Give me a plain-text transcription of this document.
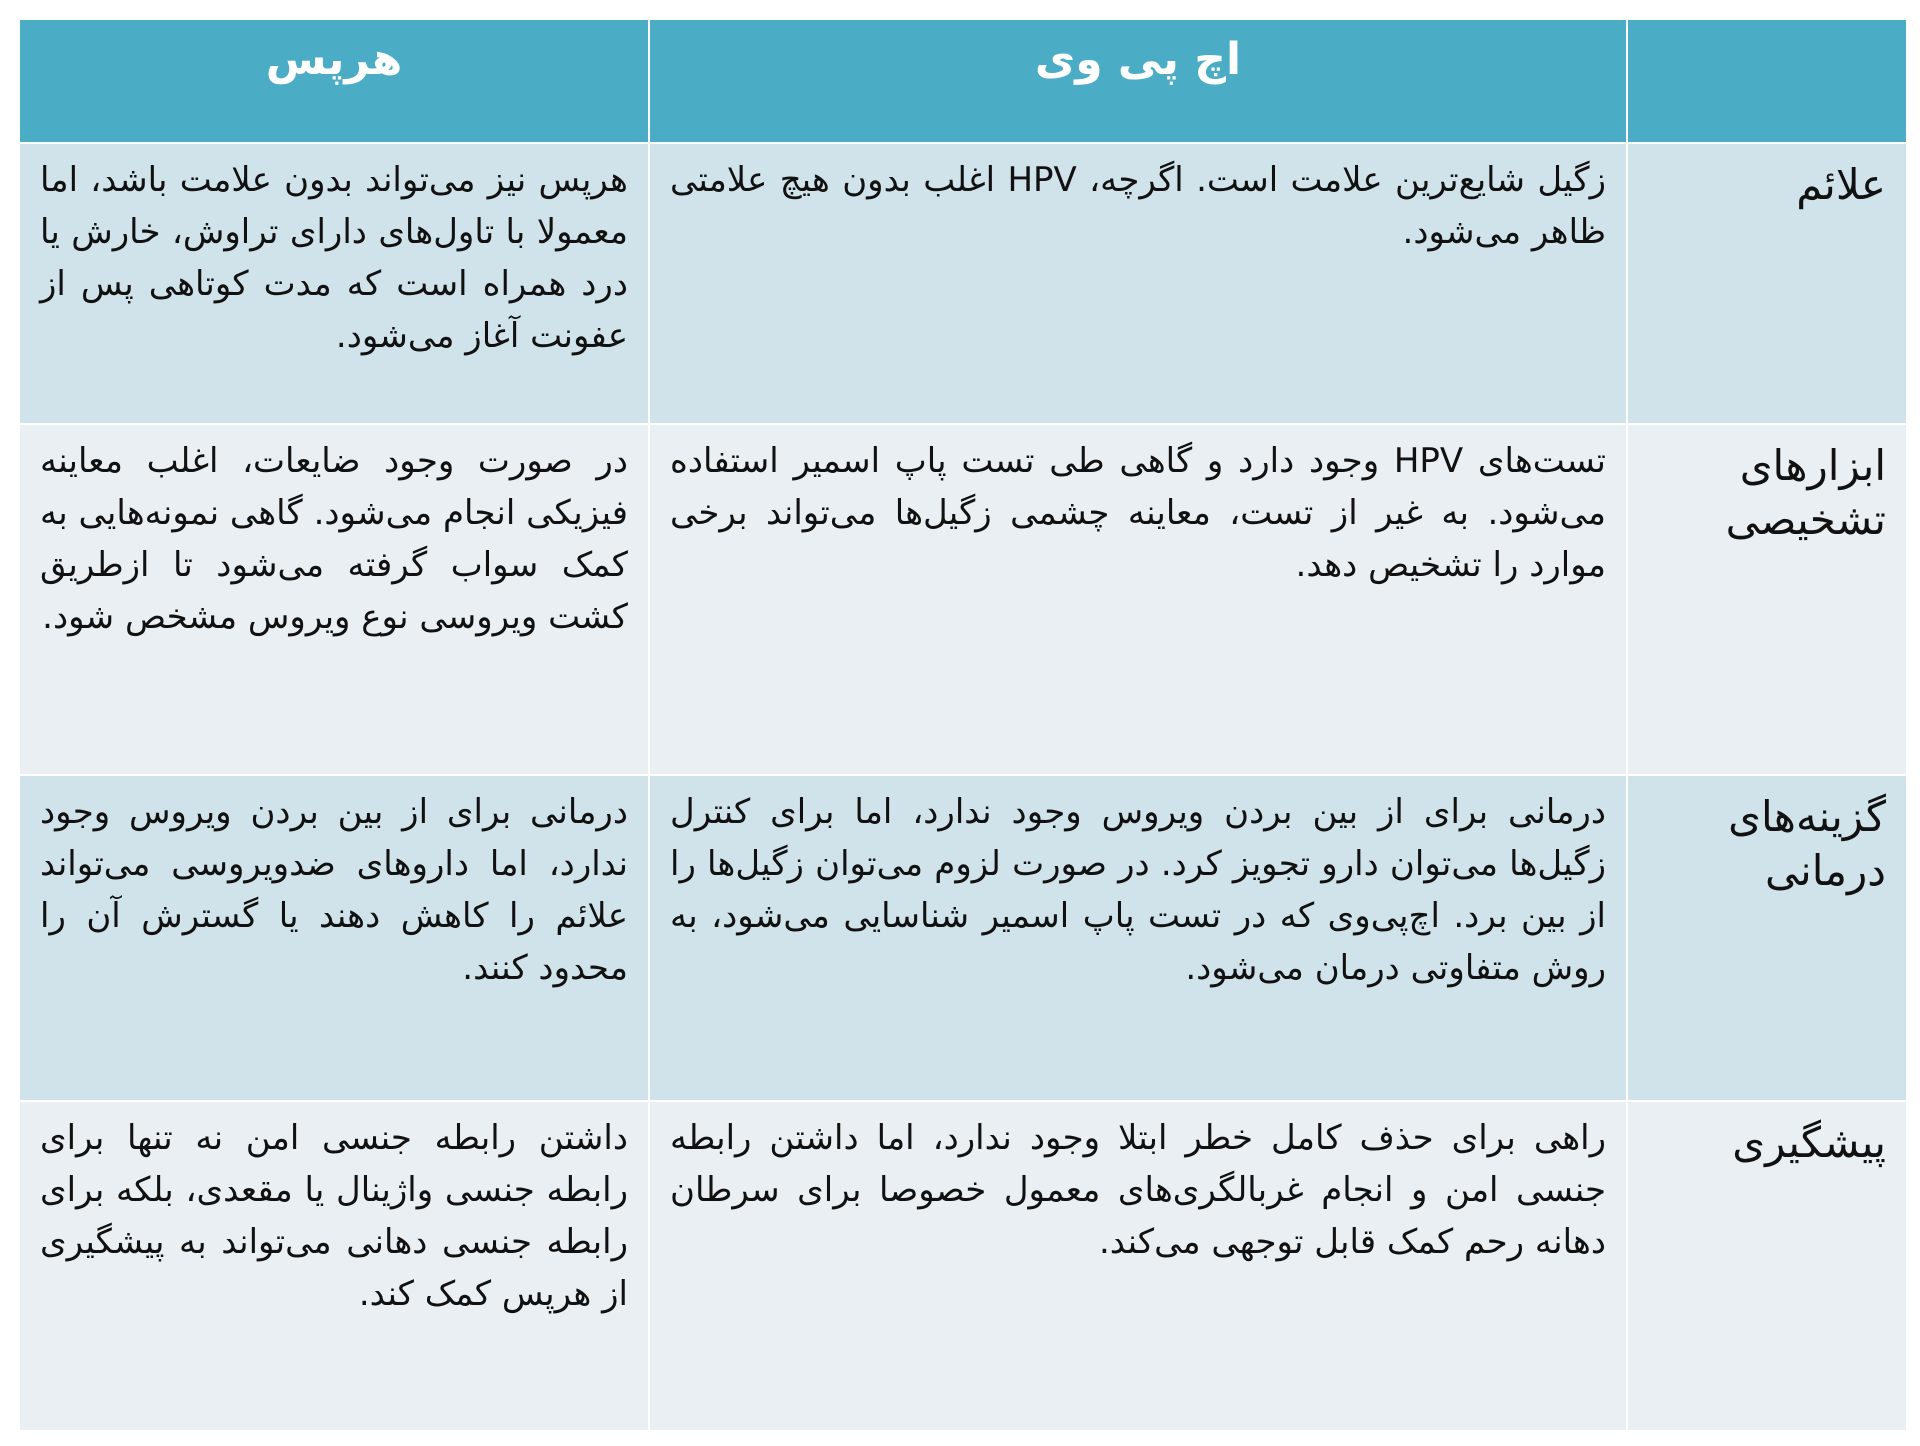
	اچ پی وی	هرپس
علائم	زگیل شایع‌ترین علامت است. اگرچه، HPV اغلب بدون هیچ علامتی ظاهر می‌شود.	هرپس نیز می‌تواند بدون علامت باشد، اما معمولا با تاول‌های دارای تراوش، خارش یا درد همراه است که مدت کوتاهی پس از عفونت آغاز می‌شود.
ابزارهای تشخیصی	تست‌های HPV وجود دارد و گاهی طی تست پاپ اسمیر استفاده می‌شود. به غیر از تست، معاینه چشمی زگیل‌ها می‌تواند برخی موارد را تشخیص دهد.	در صورت وجود ضایعات، اغلب معاینه فیزیکی انجام می‌شود. گاهی نمونه‌هایی به کمک سواب گرفته می‌شود تا ازطریق کشت ویروسی نوع ویروس مشخص شود.
گزینه‌های درمانی	درمانی برای از بین بردن ویروس وجود ندارد، اما برای کنترل زگیل‌ها می‌توان دارو تجویز کرد. در صورت لزوم می‌توان زگیل‌ها را از بین برد. اچ‌پی‌وی که در تست پاپ اسمیر شناسایی می‌شود، به روش متفاوتی درمان می‌شود.	درمانی برای از بین بردن ویروس وجود ندارد، اما داروهای ضدویروسی می‌تواند علائم را کاهش دهند یا گسترش آن را محدود کنند.
پیشگیری	راهی برای حذف کامل خطر ابتلا وجود ندارد، اما داشتن رابطه جنسی امن و انجام غربالگری‌های معمول خصوصا برای سرطان دهانه رحم کمک قابل توجهی می‌کند.	داشتن رابطه جنسی امن نه تنها برای رابطه جنسی واژینال یا مقعدی، بلکه برای رابطه جنسی دهانی می‌تواند به پیشگیری از هرپس کمک کند.
